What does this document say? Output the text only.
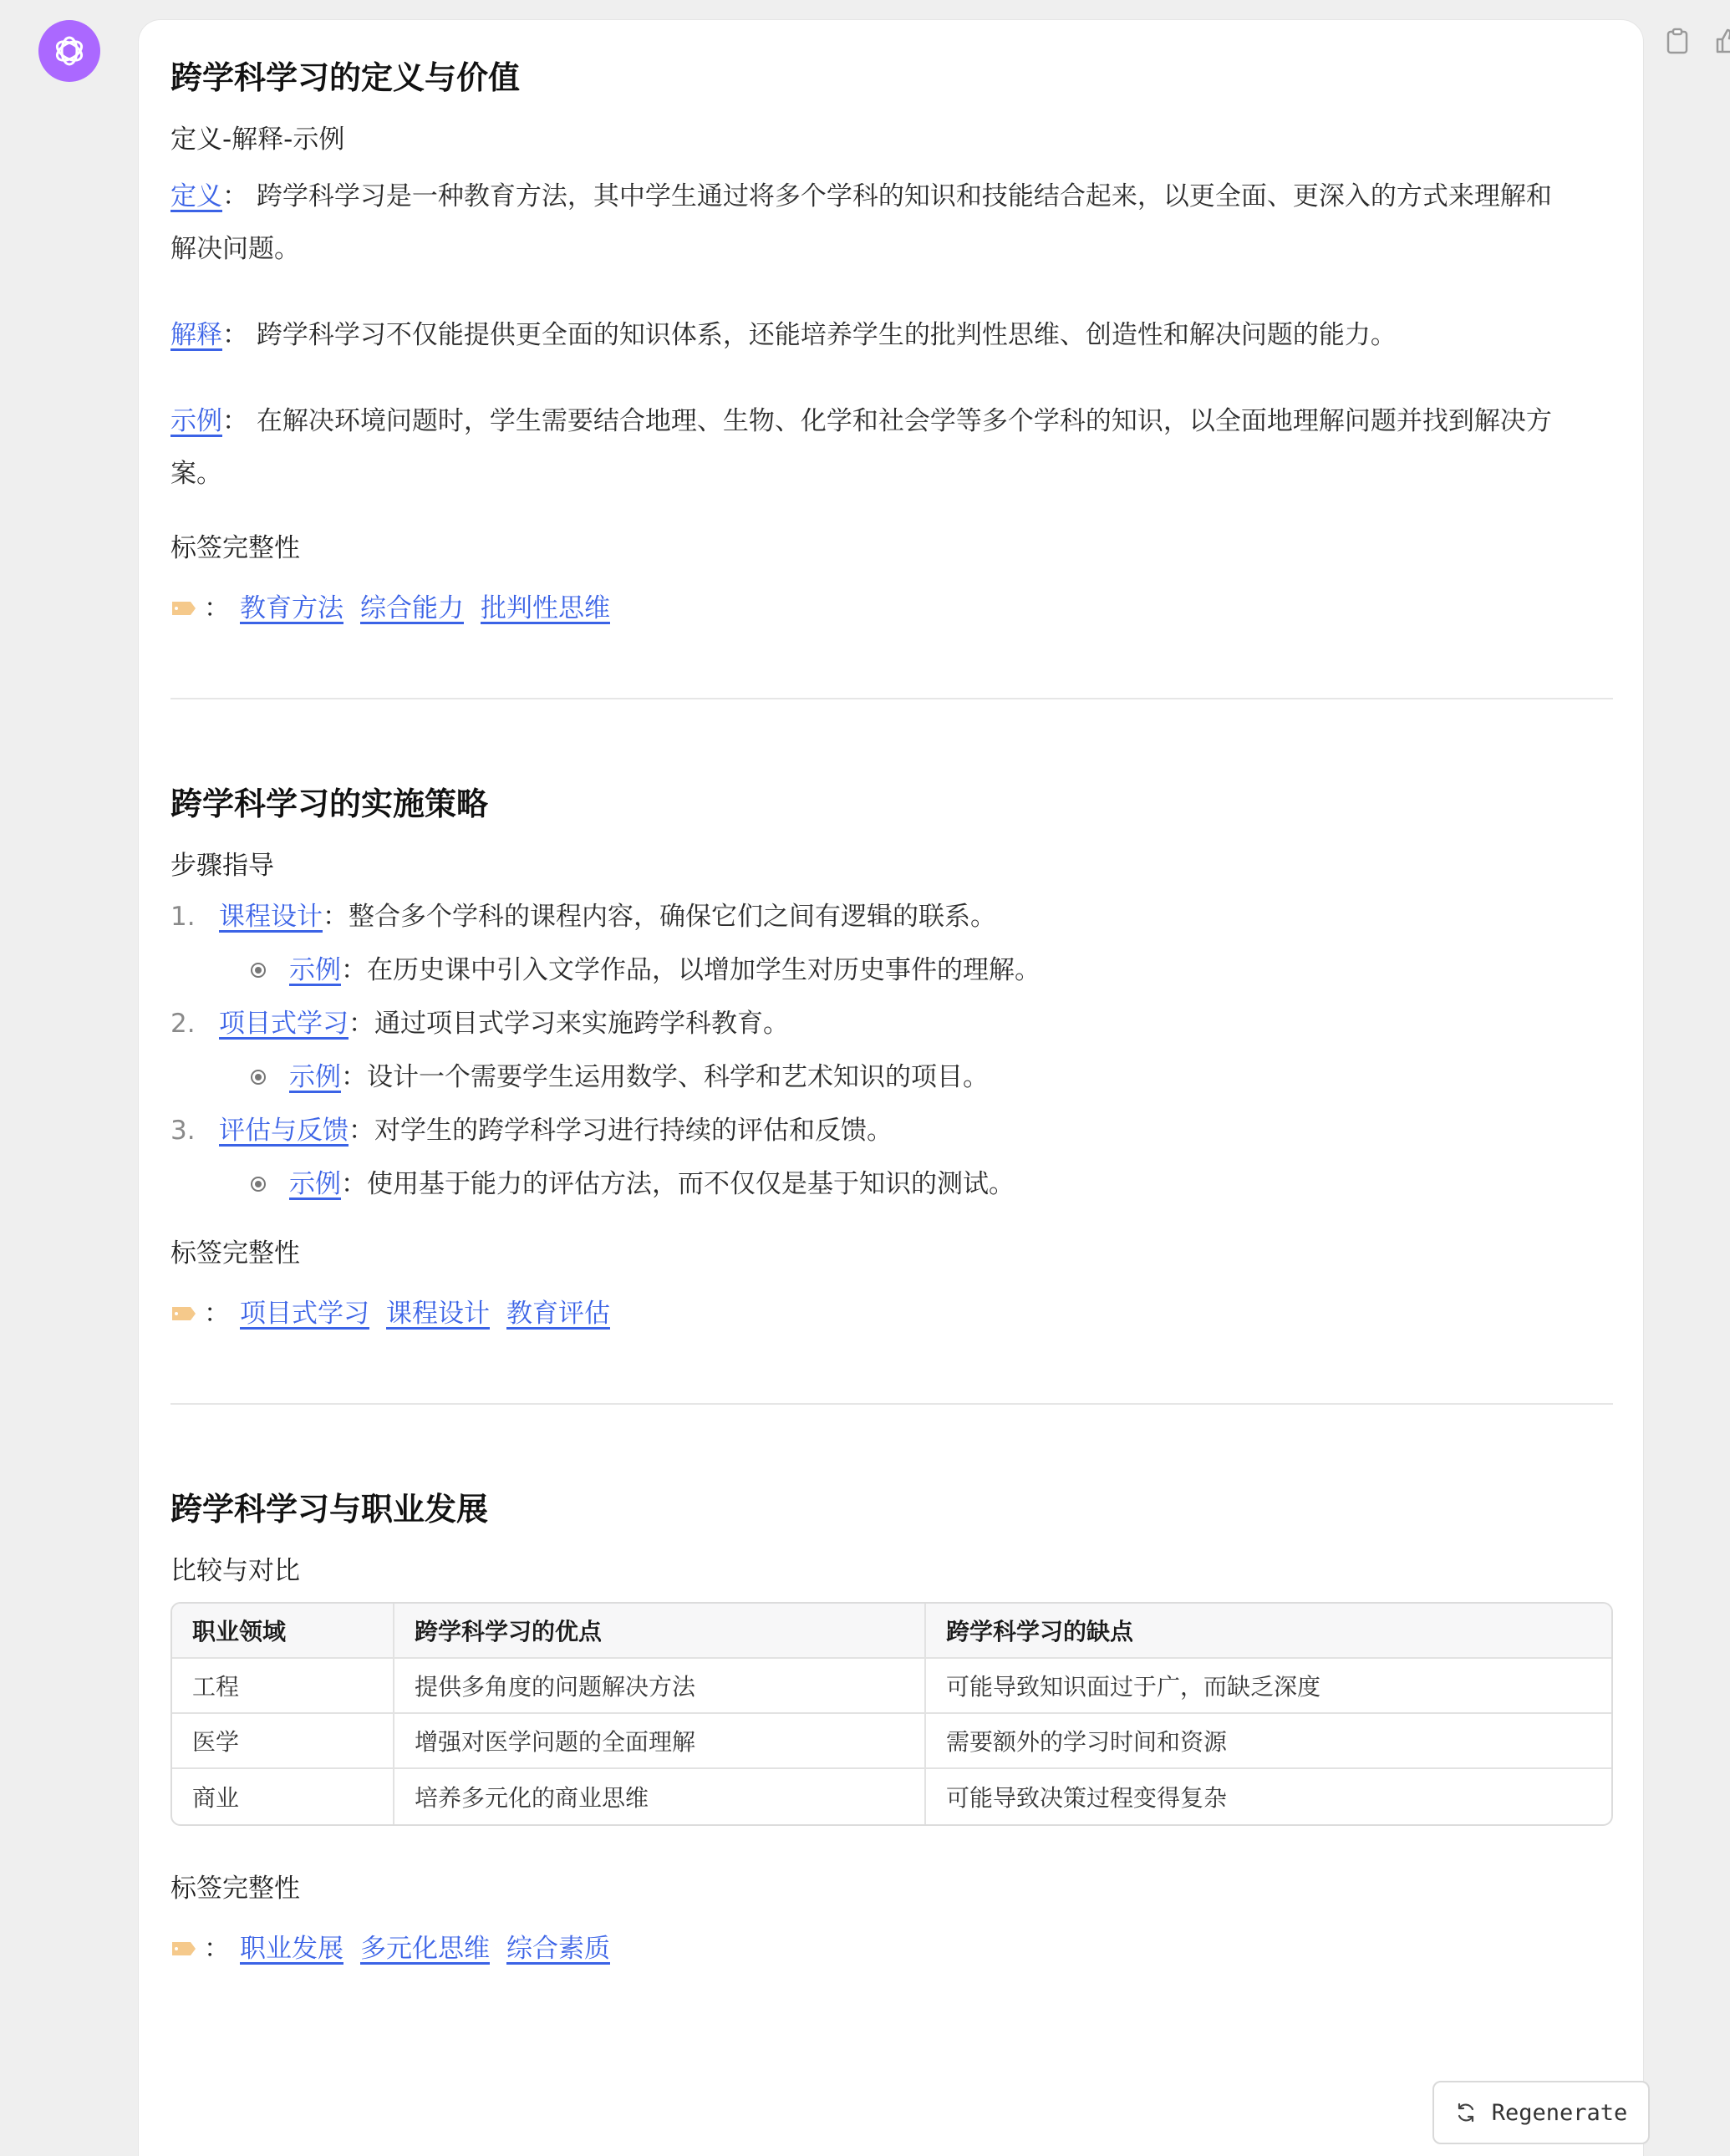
跨学科学习的定义与价值
定义-解释-示例

定义： 跨学科学习是一种教育方法，其中学生通过将多个学科的知识和技能结合起来，以更全面、更深入的方式来理解和
解决问题。

解释： 跨学科学习不仅能提供更全面的知识体系，还能培养学生的批判性思维、创造性和解决问题的能力。

示例： 在解决环境问题时，学生需要结合地理、生物、化学和社会学等多个学科的知识，以全面地理解问题并找到解决方
案。

标签完整性
： 教育方法 综合能力 批判性思维
跨学科学习的实施策略
步骤指导
1. 课程设计 ： 整合多个学科的课程内容，确保它们之间有逻辑的联系。
示例 ： 在历史课中引入文学作品，以增加学生对历史事件的理解。
2. 项目式学习 ： 通过项目式学习来实施跨学科教育。
示例 ： 设计一个需要学生运用数学、科学和艺术知识的项目。
3. 评估与反馈 ： 对学生的跨学科学习进行持续的评估和反馈。
示例 ： 使用基于能力的评估方法，而不仅仅是基于知识的测试。
标签完整性
： 项目式学习 课程设计 教育评估
跨学科学习与职业发展
比较与对比
职业领域	跨学科学习的优点	跨学科学习的缺点
工程	提供多角度的问题解决方法	可能导致知识面过于广，而缺乏深度
医学	增强对医学问题的全面理解	需要额外的学习时间和资源
商业	培养多元化的商业思维	可能导致决策过程变得复杂
标签完整性
： 职业发展 多元化思维 综合素质
Regenerate
